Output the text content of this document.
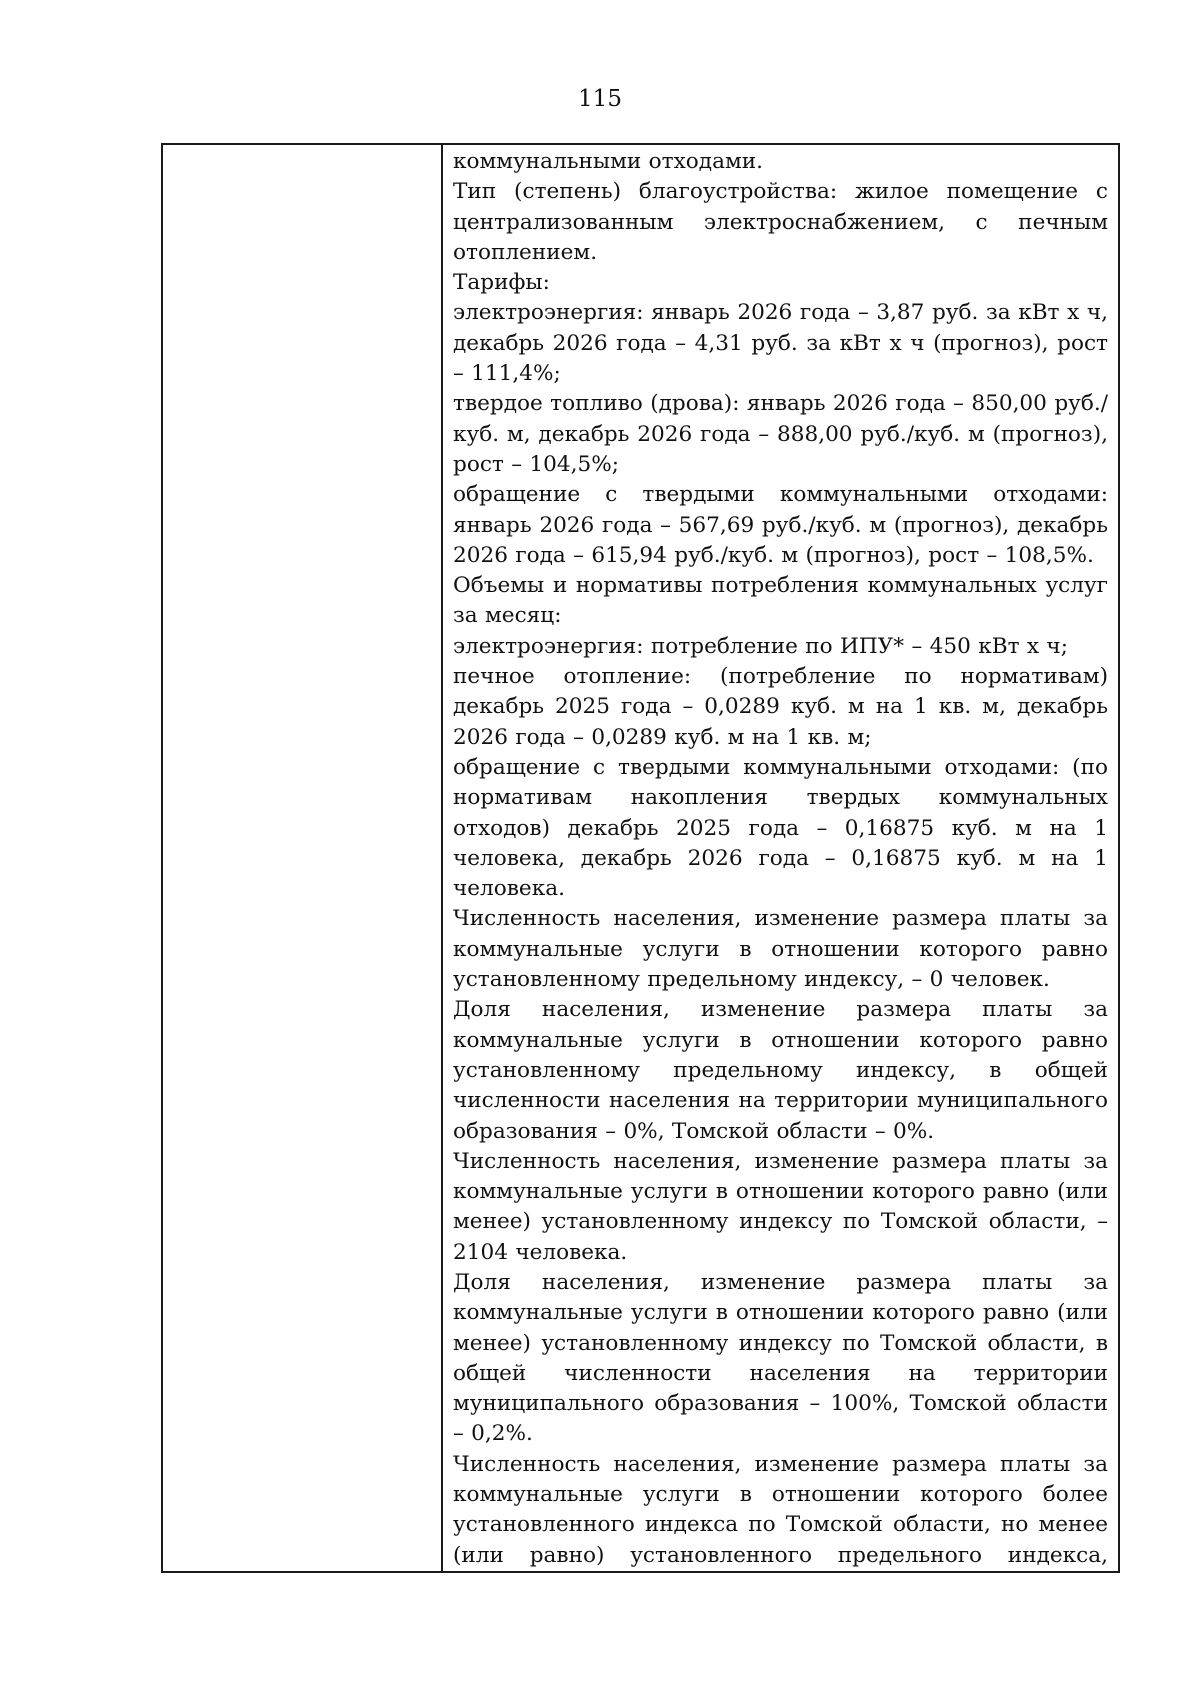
115

коммунальными отходами.

Тип (степень) благоустройства: жилое помещение с централизованным электроснабжением, с печным отоплением.

Тарифы:

электроэнергия: январь 2026 года – 3,87 руб. за кВт х ч, декабрь 2026 года – 4,31 руб. за кВт х ч (прогноз), рост – 111,4%;

твердое топливо (дрова): январь 2026 года – 850,00 руб./куб. м, декабрь 2026 года – 888,00 руб./куб. м (прогноз), рост – 104,5%;

обращение с твердыми коммунальными отходами: январь 2026 года – 567,69 руб./куб. м (прогноз), декабрь 2026 года – 615,94 руб./куб. м (прогноз), рост – 108,5%.

Объемы и нормативы потребления коммунальных услуг за месяц:

электроэнергия: потребление по ИПУ* – 450 кВт х ч;

печное отопление: (потребление по нормативам) декабрь 2025 года – 0,0289 куб. м на 1 кв. м, декабрь 2026 года – 0,0289 куб. м на 1 кв. м;

обращение с твердыми коммунальными отходами: (по нормативам накопления твердых коммунальных отходов) декабрь 2025 года – 0,16875 куб. м на 1 человека, декабрь 2026 года – 0,16875 куб. м на 1 человека.

Численность населения, изменение размера платы за коммунальные услуги в отношении которого равно установленному предельному индексу, – 0 человек.

Доля населения, изменение размера платы за коммунальные услуги в отношении которого равно установленному предельному индексу, в общей численности населения на территории муниципального образования – 0%, Томской области – 0%.

Численность населения, изменение размера платы за коммунальные услуги в отношении которого равно (или менее) установленному индексу по Томской области, – 2104 человека.

Доля населения, изменение размера платы за коммунальные услуги в отношении которого равно (или менее) установленному индексу по Томской области, в общей численности населения на территории муниципального образования – 100%, Томской области – 0,2%.

Численность населения, изменение размера платы за коммунальные услуги в отношении которого более установленного индекса по Томской области, но менее (или равно) установленного предельного индекса,
